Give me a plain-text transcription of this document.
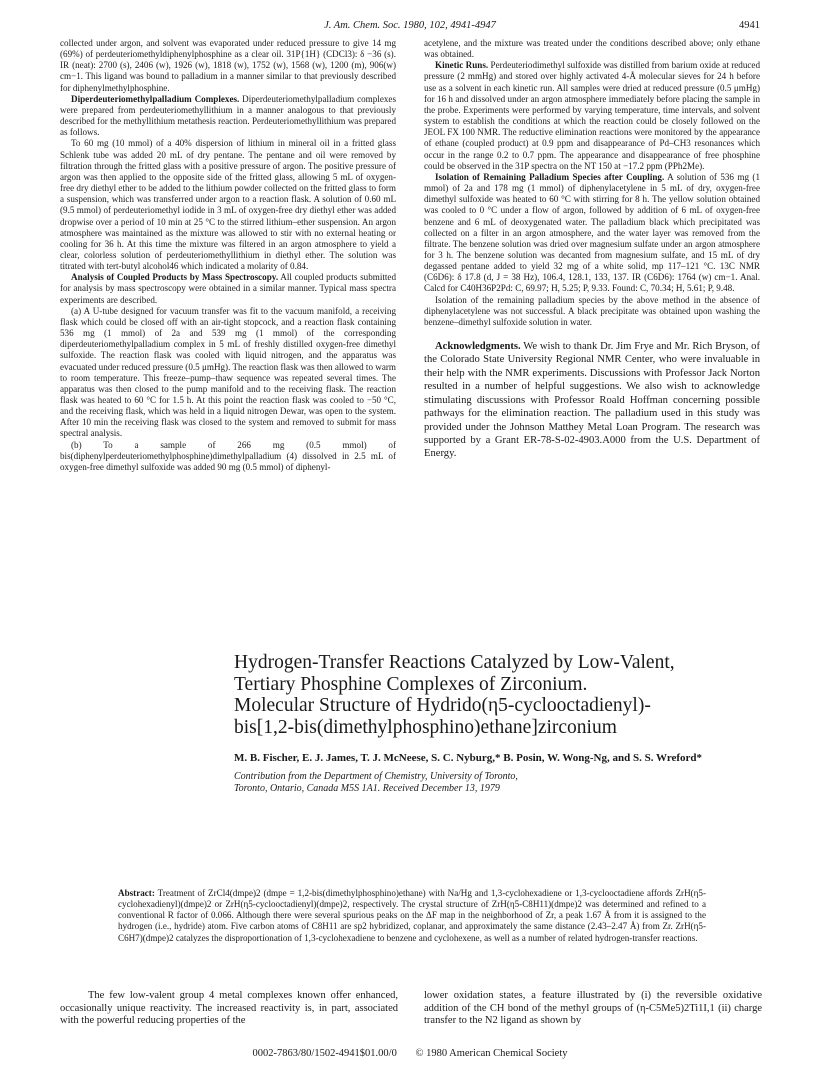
J. Am. Chem. Soc. 1980, 102, 4941-4947	4941

collected under argon, and solvent was evaporated under reduced pressure to give 14 mg (69%) of perdeuteriomethyldiphenylphosphine as a clear oil. 31P{1H} (CDCl3): δ −36 (s). IR (neat): 2700 (s), 2406 (w), 1926 (w), 1818 (w), 1752 (w), 1568 (w), 1200 (m), 906(w) cm−1. This ligand was bound to palladium in a manner similar to that previously described for diphenylmethylphosphine.

Diperdeuteriomethylpalladium Complexes. Diperdeuteriomethylpalladium complexes were prepared from perdeuteriomethyllithium in a manner analogous to that previously described for the methyllithium metathesis reaction. Perdeuteriomethyllithium was prepared as follows.

To 60 mg (10 mmol) of a 40% dispersion of lithium in mineral oil in a fritted glass Schlenk tube was added 20 mL of dry pentane. The pentane and oil were removed by filtration through the fritted glass with a positive pressure of argon. The positive pressure of argon was then applied to the opposite side of the fritted glass, allowing 5 mL of oxygen-free dry diethyl ether to be added to the lithium powder collected on the fritted glass to form a suspension, which was transferred under argon to a reaction flask. A solution of 0.60 mL (9.5 mmol) of perdeuteriomethyl iodide in 3 mL of oxygen-free dry diethyl ether was added dropwise over a period of 10 min at 25 °C to the stirred lithium–ether suspension. An argon atmosphere was maintained as the mixture was allowed to stir with no external heating or cooling for 36 h. At this time the mixture was filtered in an argon atmosphere to yield a clear, colorless solution of perdeuteriomethyllithium in diethyl ether. The solution was titrated with tert-butyl alcohol46 which indicated a molarity of 0.84.

Analysis of Coupled Products by Mass Spectroscopy. All coupled products submitted for analysis by mass spectroscopy were obtained in a similar manner. Typical mass spectra experiments are described.

(a) A U-tube designed for vacuum transfer was fit to the vacuum manifold, a receiving flask which could be closed off with an air-tight stopcock, and a reaction flask containing 536 mg (1 mmol) of 2a and 539 mg (1 mmol) of the corresponding diperdeuteriomethylpalladium complex in 5 mL of freshly distilled oxygen-free dimethyl sulfoxide. The reaction flask was cooled with liquid nitrogen, and the apparatus was evacuated under reduced pressure (0.5 μmHg). The reaction flask was then allowed to warm to room temperature. This freeze–pump–thaw sequence was repeated several times. The apparatus was then closed to the pump manifold and to the receiving flask. The reaction flask was heated to 60 °C for 1.5 h. At this point the reaction flask was cooled to −50 °C, and the receiving flask, which was held in a liquid nitrogen Dewar, was open to the system. After 10 min the receiving flask was closed to the system and removed to submit for mass spectral analysis.

(b) To a sample of 266 mg (0.5 mmol) of bis(diphenylperdeuteriomethylphosphine)dimethylpalladium (4) dissolved in 2.5 mL of oxygen-free dimethyl sulfoxide was added 90 mg (0.5 mmol) of diphenyl-

acetylene, and the mixture was treated under the conditions described above; only ethane was obtained.

Kinetic Runs. Perdeuteriodimethyl sulfoxide was distilled from barium oxide at reduced pressure (2 mmHg) and stored over highly activated 4-Å molecular sieves for 24 h before use as a solvent in each kinetic run. All samples were dried at reduced pressure (0.5 μmHg) for 16 h and dissolved under an argon atmosphere immediately before placing the sample in the probe. Experiments were performed by varying temperature, time intervals, and solvent system to establish the conditions at which the reaction could be closely followed on the JEOL FX 100 NMR. The reductive elimination reactions were monitored by the appearance of ethane (coupled product) at 0.9 ppm and disappearance of Pd–CH3 resonances which occur in the range 0.2 to 0.7 ppm. The appearance and disappearance of free phosphine could be observed in the 31P spectra on the NT 150 at −17.2 ppm (PPh2Me).

Isolation of Remaining Palladium Species after Coupling. A solution of 536 mg (1 mmol) of 2a and 178 mg (1 mmol) of diphenylacetylene in 5 mL of dry, oxygen-free dimethyl sulfoxide was heated to 60 °C with stirring for 8 h. The yellow solution obtained was cooled to 0 °C under a flow of argon, followed by addition of 6 mL of oxygen-free benzene and 6 mL of deoxygenated water. The palladium black which precipitated was collected on a filter in an argon atmosphere, and the water layer was removed from the filtrate. The benzene solution was dried over magnesium sulfate under an argon atmosphere for 3 h. The benzene solution was decanted from magnesium sulfate, and 15 mL of dry degassed pentane added to yield 32 mg of a white solid, mp 117–121 °C. 13C NMR (C6D6): δ 17.8 (d, J = 38 Hz), 106.4, 128.1, 133, 137. IR (C6D6): 1764 (w) cm−1. Anal. Calcd for C40H36P2Pd: C, 69.97; H, 5.25; P, 9.33. Found: C, 70.34; H, 5.61; P, 9.48.

Isolation of the remaining palladium species by the above method in the absence of diphenylacetylene was not successful. A black precipitate was obtained upon washing the benzene–dimethyl sulfoxide solution in water.

Acknowledgments. We wish to thank Dr. Jim Frye and Mr. Rich Bryson, of the Colorado State University Regional NMR Center, who were invaluable in their help with the NMR experiments. Discussions with Professor Jack Norton resulted in a number of helpful suggestions. We also wish to acknowledge stimulating discussions with Professor Roald Hoffman concerning possible pathways for the elimination reaction. The palladium used in this study was provided under the Johnson Matthey Metal Loan Program. The research was supported by a Grant ER-78-S-02-4903.A000 from the U.S. Department of Energy.

Hydrogen-Transfer Reactions Catalyzed by Low-Valent,
Tertiary Phosphine Complexes of Zirconium.
Molecular Structure of Hydrido(η5-cyclooctadienyl)-
bis[1,2-bis(dimethylphosphino)ethane]zirconium
M. B. Fischer, E. J. James, T. J. McNeese, S. C. Nyburg,* B. Posin, W. Wong-Ng, and S. S. Wreford*
Contribution from the Department of Chemistry, University of Toronto,
Toronto, Ontario, Canada M5S 1A1. Received December 13, 1979
Abstract: Treatment of ZrCl4(dmpe)2 (dmpe = 1,2-bis(dimethylphosphino)ethane) with Na/Hg and 1,3-cyclohexadiene or 1,3-cyclooctadiene affords ZrH(η5-cyclohexadienyl)(dmpe)2 or ZrH(η5-cyclooctadienyl)(dmpe)2, respectively. The crystal structure of ZrH(η5-C8H11)(dmpe)2 was determined and refined to a conventional R factor of 0.066. Although there were several spurious peaks on the ΔF map in the neighborhood of Zr, a peak 1.67 Å from it is assigned to the hydrogen (i.e., hydride) atom. Five carbon atoms of C8H11 are sp2 hybridized, coplanar, and approximately the same distance (2.43–2.47 Å) from Zr. ZrH(η5-C6H7)(dmpe)2 catalyzes the disproportionation of 1,3-cyclohexadiene to benzene and cyclohexene, as well as a number of related hydrogen-transfer reactions.

The few low-valent group 4 metal complexes known offer enhanced, occasionally unique reactivity. The increased reactivity is, in part, associated with the powerful reducing properties of the

lower oxidation states, a feature illustrated by (i) the reversible oxidative addition of the CH bond of the methyl groups of (η-C5Me5)2Ti1I,1 (ii) charge transfer to the N2 ligand as shown by

0002-7863/80/1502-4941$01.00/0 © 1980 American Chemical Society
